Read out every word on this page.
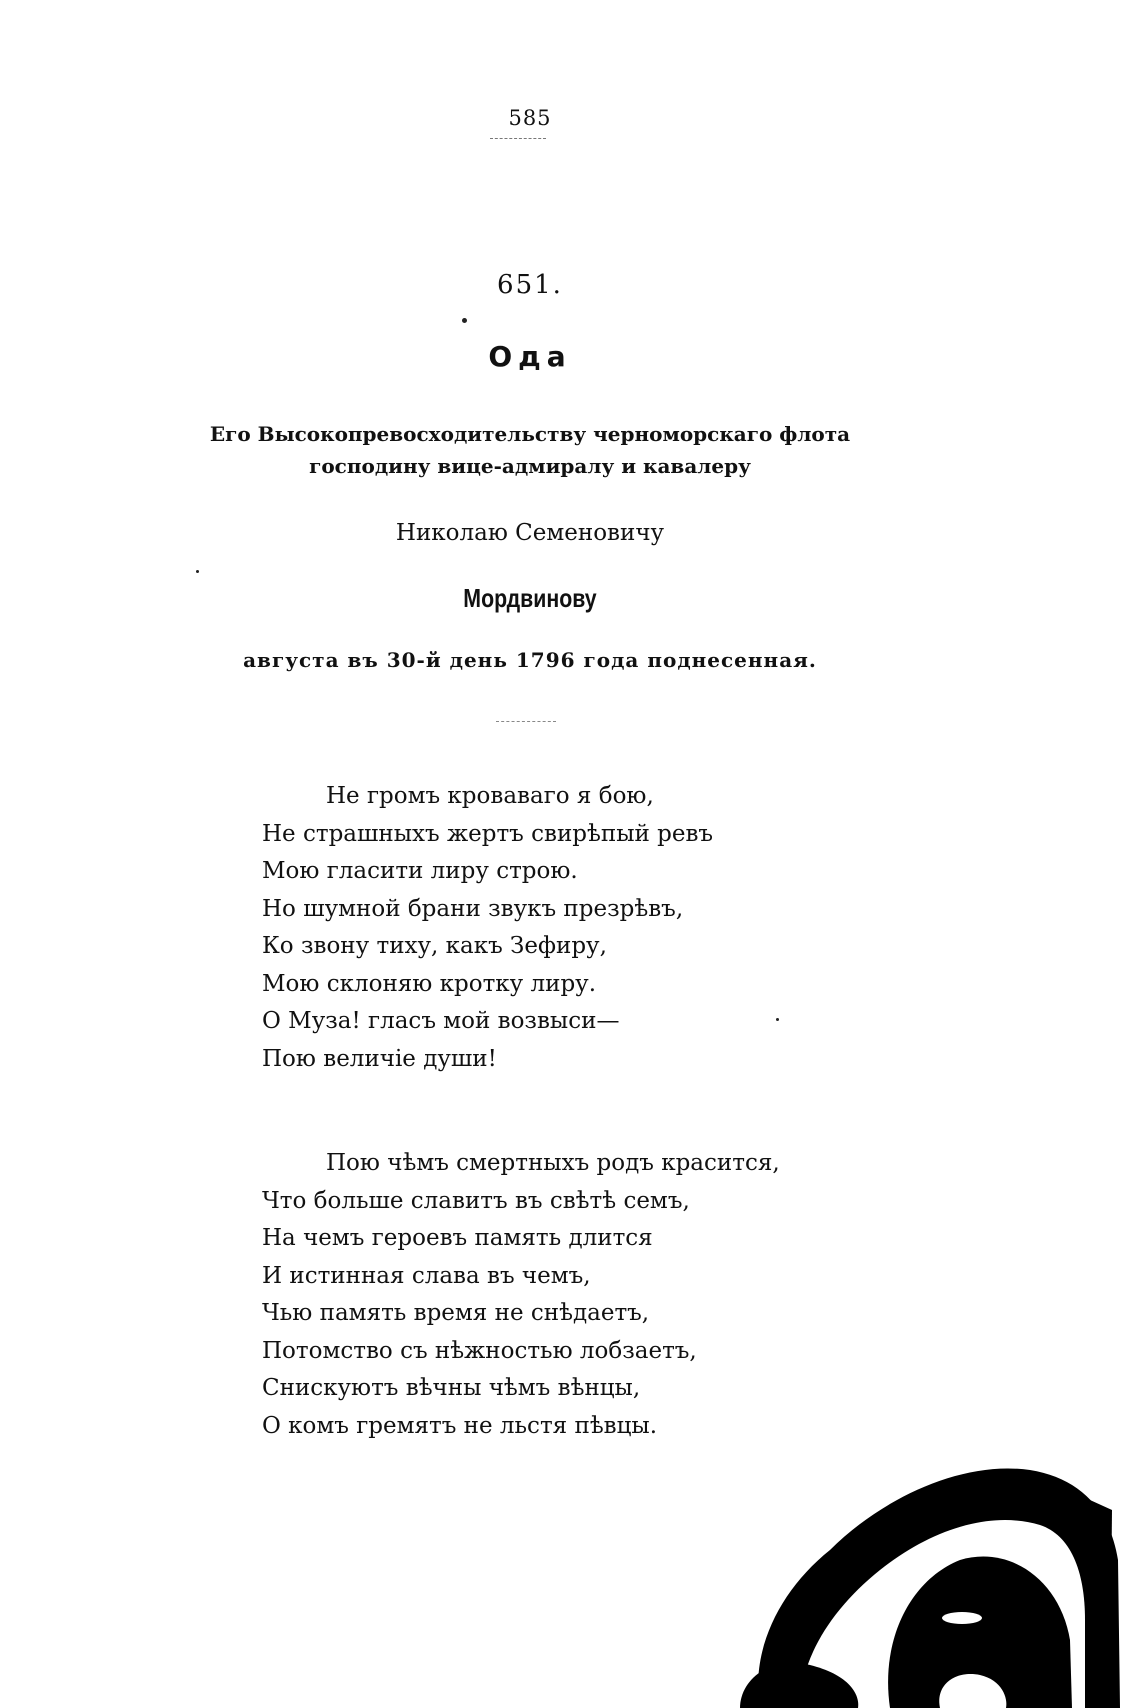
585
651.
Ода
Его Высокопревосходительству черноморскаго флота
господину вице-адмиралу и кавалеру
Николаю Семеновичу
Мордвинову
августа въ 30-й день 1796 года поднесенная.
Не громъ кроваваго я бою,
Не страшныхъ жертъ свирѣпый ревъ
Мою гласити лиру строю.
Но шумной брани звукъ презрѣвъ,
Ко звону тиху, какъ Зефиру,
Мою склоняю кротку лиру.
О Муза! гласъ мой возвыси—
Пою величіе души!
Пою чѣмъ смертныхъ родъ красится,
Что больше славитъ въ свѣтѣ семъ,
На чемъ героевъ память длится
И истинная слава въ чемъ,
Чью память время не снѣдаетъ,
Потомство съ нѣжностью лобзаетъ,
Снискуютъ вѣчны чѣмъ вѣнцы,
О комъ гремятъ не льстя пѣвцы.
